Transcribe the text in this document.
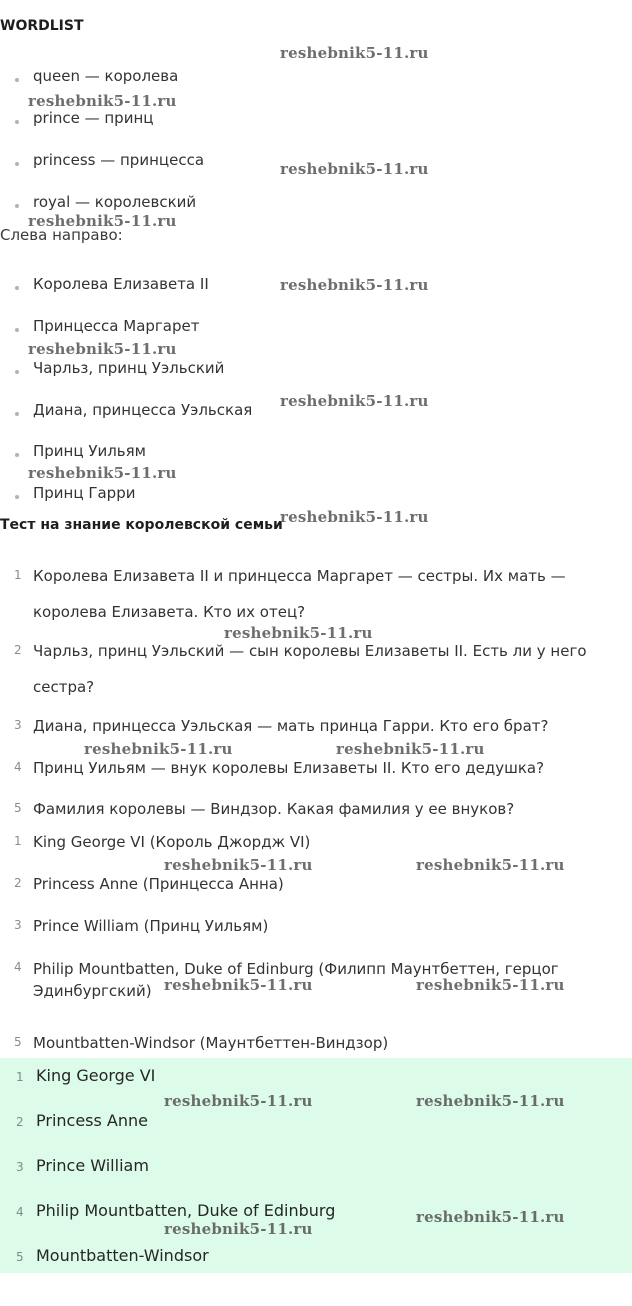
WORDLIST
queen — королева
prince — принц
princess — принцесса
royal — королевский
Слева направо:
Королева Елизавета II
Принцесса Маргарет
Чарльз, принц Уэльский
Диана, принцесса Уэльская
Принц Уильям
Принц Гарри
Тест на знание королевской семьи
1 Королева Елизавета II и принцесса Маргарет — сестры. Их мать — королева Елизавета. Кто их отец?
2 Чарльз, принц Уэльский — сын королевы Елизаветы II. Есть ли у него сестра?
3 Диана, принцесса Уэльская — мать принца Гарри. Кто его брат?
4 Принц Уильям — внук королевы Елизаветы II. Кто его дедушка?
5 Фамилия королевы — Виндзор. Какая фамилия у ее внуков?
1 King George VI (Король Джордж VI)
2 Princess Anne (Принцесса Анна)
3 Prince William (Принц Уильям)
4 Philip Mountbatten, Duke of Edinburg (Филипп Маунтбеттен, герцог Эдинбургский)
5 Mountbatten-Windsor (Маунтбеттен-Виндзор)
1 King George VI
2 Princess Anne
3 Prince William
4 Philip Mountbatten, Duke of Edinburg
5 Mountbatten-Windsor
reshebnik5-11.ru
reshebnik5-11.ru
reshebnik5-11.ru
reshebnik5-11.ru
reshebnik5-11.ru
reshebnik5-11.ru
reshebnik5-11.ru
reshebnik5-11.ru
reshebnik5-11.ru
reshebnik5-11.ru
reshebnik5-11.ru	reshebnik5-11.ru
reshebnik5-11.ru	reshebnik5-11.ru
reshebnik5-11.ru	reshebnik5-11.ru
reshebnik5-11.ru	reshebnik5-11.ru
reshebnik5-11.ru
reshebnik5-11.ru
